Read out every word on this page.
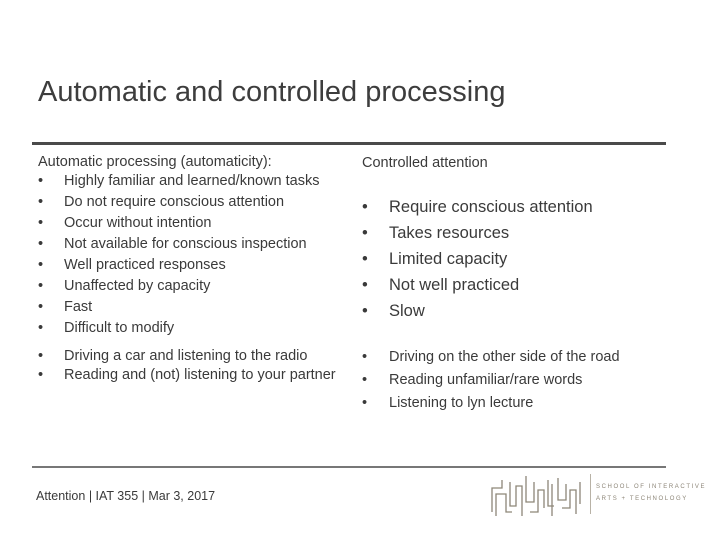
Automatic and controlled processing
Automatic processing (automaticity):
• Highly familiar and learned/known tasks
• Do not require conscious attention
• Occur without intention
• Not available for conscious inspection
• Well practiced responses
• Unaffected by capacity
• Fast
• Difficult to modify
• Driving a car and listening to the radio
• Reading and (not) listening to your partner
Controlled attention
• Require conscious attention
• Takes resources
• Limited capacity
• Not well practiced
• Slow
• Driving on the other side of the road
• Reading unfamiliar/rare words
• Listening to lyn lecture
Attention | IAT 355 | Mar 3, 2017
SCHOOL OF INTERACTIVE
ARTS + TECHNOLOGY
